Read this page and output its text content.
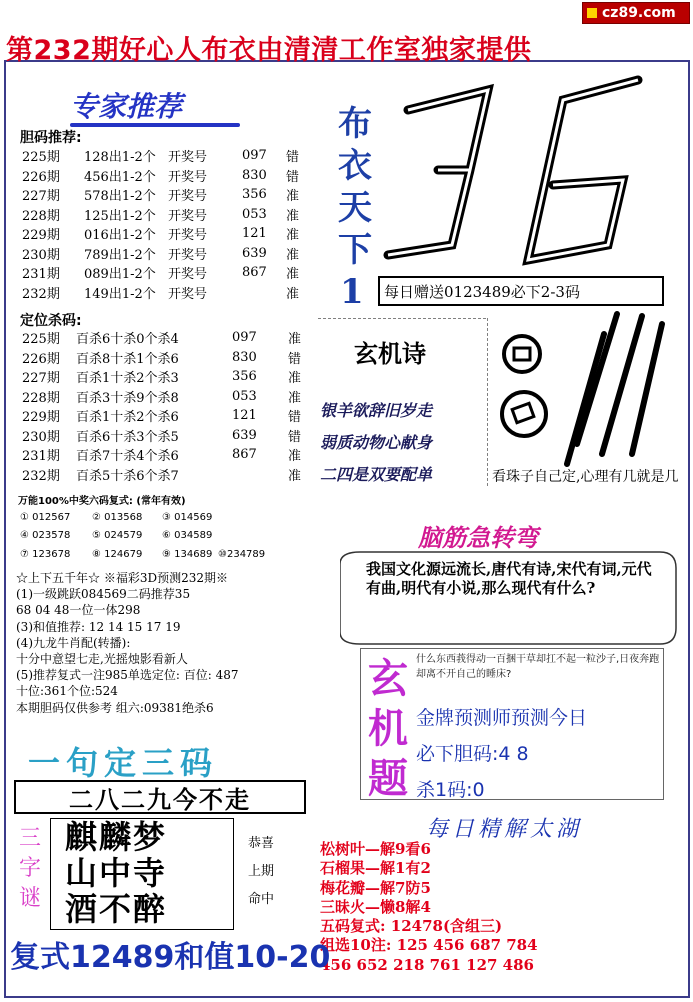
cz89.com
第232期好心人布衣由清清工作室独家提供
专家推荐
胆码推荐:
225期	128出1-2个	开奖号	097	错
226期	456出1-2个	开奖号	830	错
227期	578出1-2个	开奖号	356	准
228期	125出1-2个	开奖号	053	准
229期	016出1-2个	开奖号	121	准
230期	789出1-2个	开奖号	639	准
231期	089出1-2个	开奖号	867	准
232期	149出1-2个	开奖号		准
定位杀码:
225期	百杀6十杀0个杀4	097	准
226期	百杀8十杀1个杀6	830	错
227期	百杀1十杀2个杀3	356	准
228期	百杀3十杀9个杀8	053	准
229期	百杀1十杀2个杀6	121	错
230期	百杀6十杀3个杀5	639	错
231期	百杀7十杀4个杀6	867	准
232期	百杀5十杀6个杀7		准
布
衣
天
下
1
36
每日赠送0123489必下2-3码
玄机诗
银羊欲辞旧岁走
弱质动物心献身
二四是双要配单	看珠子自己定,心理有几就是几
万能100%中奖六码复式: (常年有效)
① 012567 ② 013568 ③ 014569
④ 023578 ⑤ 024579 ⑥ 034589
⑦ 123678 ⑧ 124679 ⑨ 134689 ⑩234789
脑筋急转弯
我国文化源远流长,唐代有诗,宋代有词,元代有曲,明代有小说,那么现代有什么?
☆上下五千年☆ ※福彩3D预测232期※
(1)一级跳跃084569二码推荐35
68 04 48一位一体298
(3)和值推荐: 12 14 15 17 19
(4)九龙牛肖配(转播):
十分中意望七走,光摇烛影看新人
(5)推荐复式一注985单选定位: 百位: 487
十位:361个位:524
本期胆码仅供参考 组六:09381绝杀6
玄
机
题
什么东西莪得动一百捆干草却扛不起一粒沙子,日夜奔跑却离不开自己的睡床?
金牌预测师预测今日
必下胆码:4 8
杀1码:0
一句定三码
二八二九今不走
三
字
谜
麒麟梦
山中寺
酒不醉
恭喜
上期
命中
每日精解太湖
松树叶—解9看6
石榴果—解1有2
梅花瓣—解7防5
三昧火—懒8解4
五码复式: 12478(含组三)
组选10注: 125 456 687 784
456 652 218 761 127 486
复式12489和值10-20
